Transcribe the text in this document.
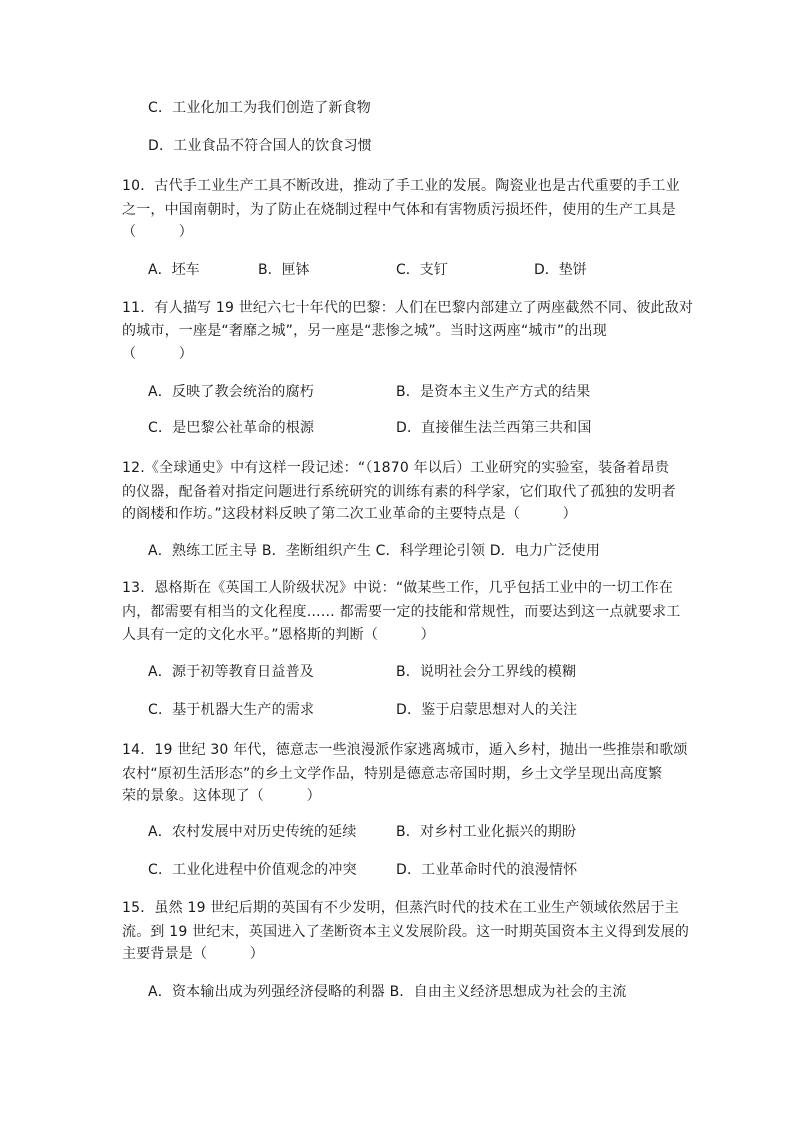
C．工业化加工为我们创造了新食物
D．工业食品不符合国人的饮食习惯
10．古代手工业生产工具不断改进，推动了手工业的发展。陶瓷业也是古代重要的手工业
之一，中国南朝时，为了防止在烧制过程中气体和有害物质污损坯件，使用的生产工具是
（　　　）
A．坯车	B．匣钵	C．支钉	D．垫饼
11．有人描写 19 世纪六七十年代的巴黎：人们在巴黎内部建立了两座截然不同、彼此敌对
的城市，一座是“奢靡之城”，另一座是“悲惨之城”。当时这两座“城市”的出现
（　　　）
A．反映了教会统治的腐朽	B．是资本主义生产方式的结果
C．是巴黎公社革命的根源	D．直接催生法兰西第三共和国
12.《全球通史》中有这样一段记述：“（1870 年以后）工业研究的实验室，装备着昂贵
的仪器，配备着对指定问题进行系统研究的训练有素的科学家，它们取代了孤独的发明者
的阁楼和作坊。”这段材料反映了第二次工业革命的主要特点是（　　　）
A．熟练工匠主导 B．垄断组织产生 C．科学理论引领 D．电力广泛使用
13．恩格斯在《英国工人阶级状况》中说：“做某些工作，几乎包括工业中的一切工作在
内，都需要有相当的文化程度…… 都需要一定的技能和常规性，而要达到这一点就要求工
人具有一定的文化水平。”恩格斯的判断（　　　）
A．源于初等教育日益普及	B．说明社会分工界线的模糊
C．基于机器大生产的需求	D．鉴于启蒙思想对人的关注
14．19 世纪 30 年代，德意志一些浪漫派作家逃离城市，遁入乡村，抛出一些推崇和歌颂
农村“原初生活形态”的乡土文学作品，特别是德意志帝国时期，乡土文学呈现出高度繁
荣的景象。这体现了（　　　）
A．农村发展中对历史传统的延续	B．对乡村工业化振兴的期盼
C．工业化进程中价值观念的冲突	D．工业革命时代的浪漫情怀
15．虽然 19 世纪后期的英国有不少发明，但蒸汽时代的技术在工业生产领域依然居于主
流。到 19 世纪末，英国进入了垄断资本主义发展阶段。这一时期英国资本主义得到发展的
主要背景是（　　　）
A．资本输出成为列强经济侵略的利器 B．自由主义经济思想成为社会的主流
